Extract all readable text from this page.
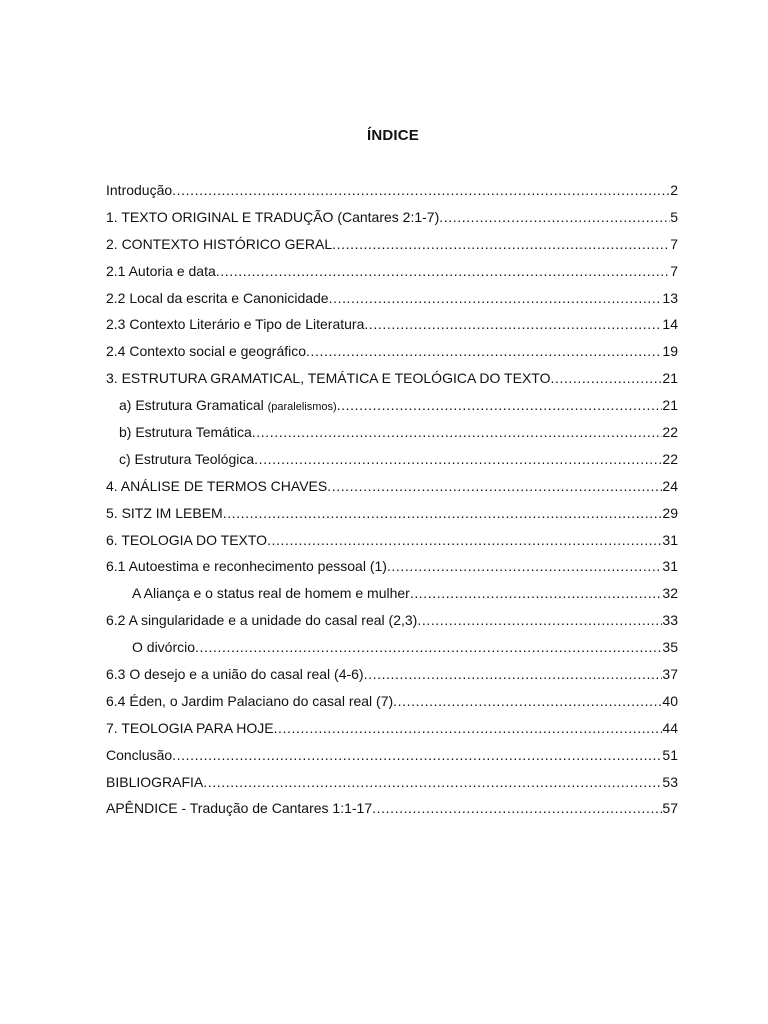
ÍNDICE
Introdução .....	2
1. TEXTO ORIGINAL E TRADUÇÃO (Cantares 2:1-7) .....	5
2. CONTEXTO HISTÓRICO GERAL .....	7
2.1 Autoria e data .....	7
2.2 Local da escrita e Canonicidade .....	13
2.3 Contexto Literário e Tipo de Literatura .....	14
2.4 Contexto social e geográfico .....	19
3. ESTRUTURA GRAMATICAL, TEMÁTICA E TEOLÓGICA DO TEXTO .....	21
a) Estrutura Gramatical (paralelismos) .....	21
b) Estrutura Temática .....	22
c) Estrutura Teológica .....	22
4. ANÁLISE DE TERMOS CHAVES .....	24
5. SITZ IM LEBEM .....	29
6. TEOLOGIA DO TEXTO .....	31
6.1 Autoestima e reconhecimento pessoal (1) .....	31
A Aliança e o status real de homem e mulher .....	32
6.2 A singularidade e a unidade do casal real (2,3) .....	33
O divórcio .....	35
6.3 O desejo e a união do casal real (4-6) .....	37
6.4 Éden, o Jardim Palaciano do casal real (7) .....	40
7. TEOLOGIA PARA HOJE .....	44
Conclusão .....	51
BIBLIOGRAFIA .....	53
APÊNDICE - Tradução de Cantares 1:1-17 .....	57
